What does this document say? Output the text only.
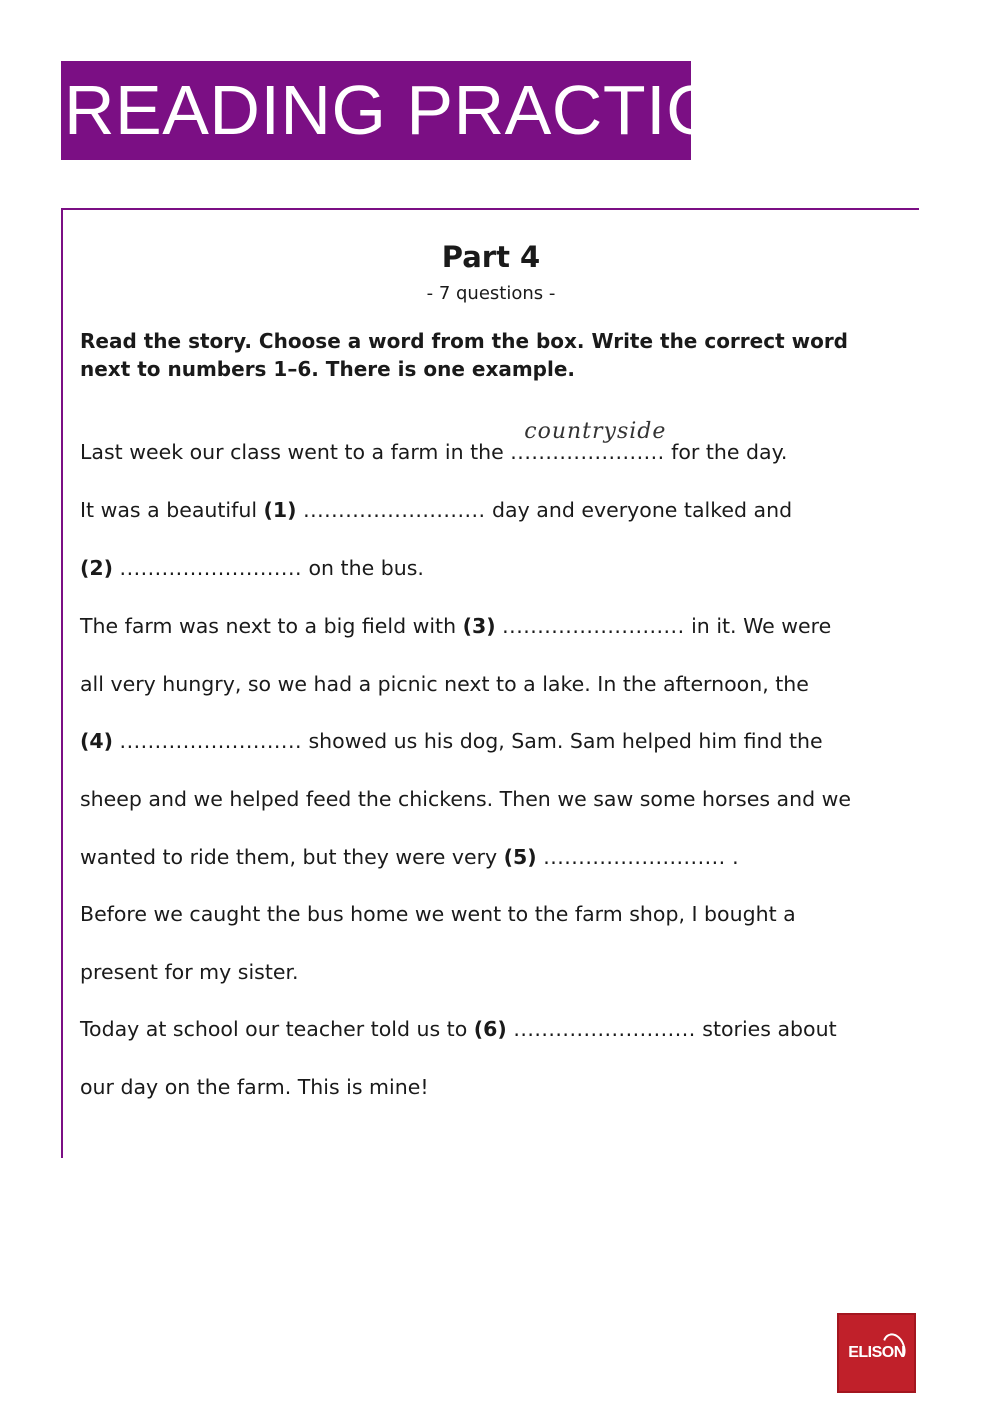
READING PRACTICE
Part 4
- 7 questions -
Read the story. Choose a word from the box. Write the correct word next to numbers 1–6. There is one example.
Last week our class went to a farm in the ......................
countryside
for the day.
It was a beautiful (1) .......................... day and everyone talked and
(2) .......................... on the bus.
The farm was next to a big field with (3) .......................... in it. We were
all very hungry, so we had a picnic next to a lake. In the afternoon, the
(4) .......................... showed us his dog, Sam. Sam helped him find the
sheep and we helped feed the chickens. Then we saw some horses and we
wanted to ride them, but they were very (5) .......................... .
Before we caught the bus home we went to the farm shop, I bought a
present for my sister.
Today at school our teacher told us to (6) .......................... stories about
our day on the farm. This is mine!
ELISON
